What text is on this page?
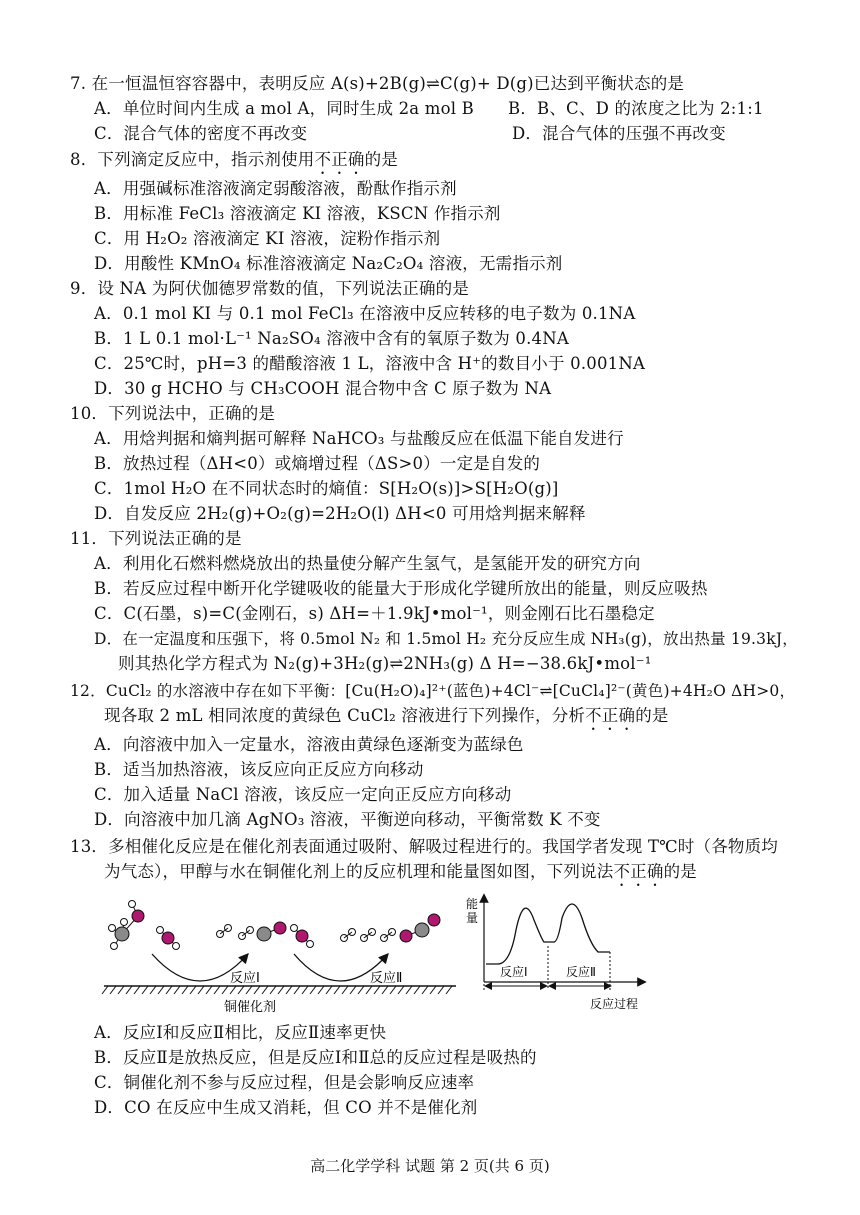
7. 在一恒温恒容容器中，表明反应 A(s)+2B(g)⇌C(g)+ D(g)已达到平衡状态的是
A．单位时间内生成 a mol A，同时生成 2a mol B B．B、C、D 的浓度之比为 2:1:1
C．混合气体的密度不再改变	D．混合气体的压强不再改变
8．下列滴定反应中，指示剂使用不正确的是
A．用强碱标准溶液滴定弱酸溶液，酚酞作指示剂
B．用标准 FeCl₃ 溶液滴定 KI 溶液，KSCN 作指示剂
C．用 H₂O₂ 溶液滴定 KI 溶液，淀粉作指示剂
D．用酸性 KMnO₄ 标准溶液滴定 Na₂C₂O₄ 溶液，无需指示剂
9．设 NA 为阿伏伽德罗常数的值，下列说法正确的是
A．0.1 mol KI 与 0.1 mol FeCl₃ 在溶液中反应转移的电子数为 0.1NA
B．1 L 0.1 mol·L⁻¹ Na₂SO₄ 溶液中含有的氧原子数为 0.4NA
C．25℃时，pH=3 的醋酸溶液 1 L，溶液中含 H⁺的数目小于 0.001NA
D．30 g HCHO 与 CH₃COOH 混合物中含 C 原子数为 NA
10．下列说法中，正确的是
A．用焓判据和熵判据可解释 NaHCO₃ 与盐酸反应在低温下能自发进行
B．放热过程（ΔH<0）或熵增过程（ΔS>0）一定是自发的
C．1mol H₂O 在不同状态时的熵值：S[H₂O(s)]>S[H₂O(g)]
D．自发反应 2H₂(g)+O₂(g)=2H₂O(l) ΔH<0 可用焓判据来解释
11．下列说法正确的是
A．利用化石燃料燃烧放出的热量使分解产生氢气，是氢能开发的研究方向
B．若反应过程中断开化学键吸收的能量大于形成化学键所放出的能量，则反应吸热
C．C(石墨，s)=C(金刚石，s) ΔH=＋1.9kJ•mol⁻¹，则金刚石比石墨稳定
D．在一定温度和压强下，将 0.5mol N₂ 和 1.5mol H₂ 充分反应生成 NH₃(g)，放出热量 19.3kJ，
则其热化学方程式为 N₂(g)+3H₂(g)⇌2NH₃(g) Δ H=−38.6kJ•mol⁻¹
12．CuCl₂ 的水溶液中存在如下平衡：[Cu(H₂O)₄]²⁺(蓝色)+4Cl⁻⇌[CuCl₄]²⁻(黄色)+4H₂O ΔH>0，
现各取 2 mL 相同浓度的黄绿色 CuCl₂ 溶液进行下列操作，分析不正确的是
A．向溶液中加入一定量水，溶液由黄绿色逐渐变为蓝绿色
B．适当加热溶液，该反应向正反应方向移动
C．加入适量 NaCl 溶液，该反应一定向正反应方向移动
D．向溶液中加几滴 AgNO₃ 溶液，平衡逆向移动，平衡常数 K 不变
13．多相催化反应是在催化剂表面通过吸附、解吸过程进行的。我国学者发现 T℃时（各物质均
为气态），甲醇与水在铜催化剂上的反应机理和能量图如图，下列说法不正确的是
反应Ⅰ	反应Ⅱ
铜催化剂
能
量
反应Ⅰ	反应Ⅱ
反应过程
A．反应Ⅰ和反应Ⅱ相比，反应Ⅱ速率更快
B．反应Ⅱ是放热反应，但是反应Ⅰ和Ⅱ总的反应过程是吸热的
C．铜催化剂不参与反应过程，但是会影响反应速率
D．CO 在反应中生成又消耗，但 CO 并不是催化剂
高二化学学科 试题 第 2 页(共 6 页)
